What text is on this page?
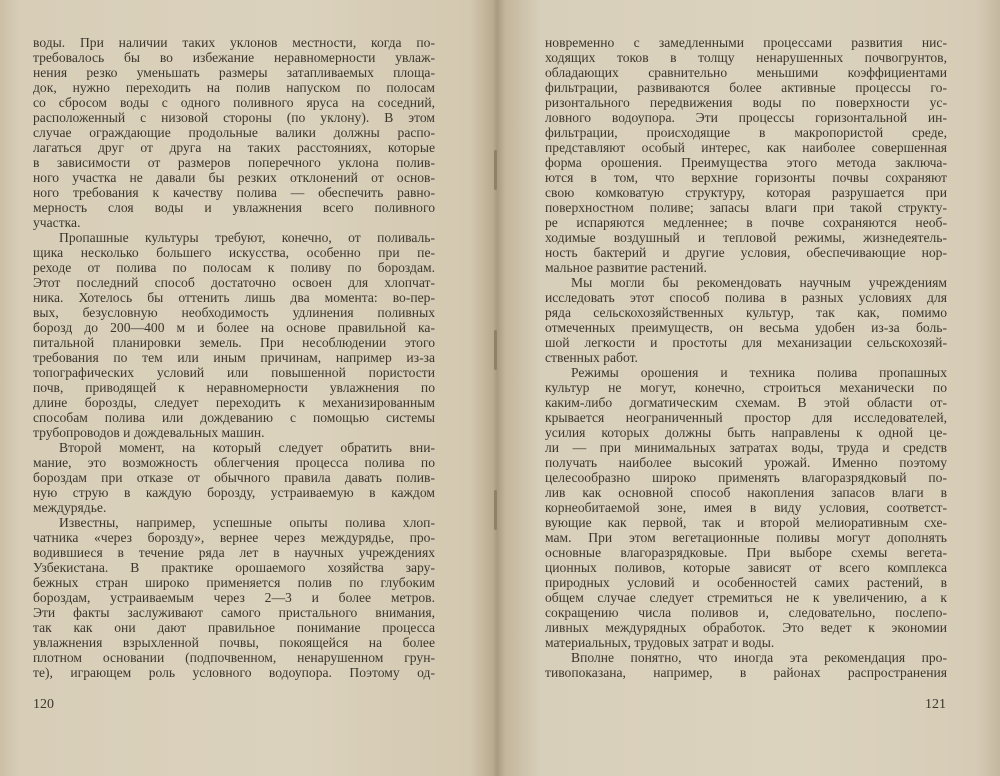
воды. При наличии таких уклонов местности, когда по-
требовалось бы во избежание неравномерности увлаж-
нения резко уменьшать размеры затапливаемых площа-
док, нужно переходить на полив напуском по полосам
со сбросом воды с одного поливного яруса на соседний,
расположенный с низовой стороны (по уклону). В этом
случае ограждающие продольные валики должны распо-
лагаться друг от друга на таких расстояниях, которые
в зависимости от размеров поперечного уклона полив-
ного участка не давали бы резких отклонений от основ-
ного требования к качеству полива — обеспечить равно-
мерность слоя воды и увлажнения всего поливного
участка.
Пропашные культуры требуют, конечно, от поливаль-
щика несколько большего искусства, особенно при пе-
реходе от полива по полосам к поливу по бороздам.
Этот последний способ достаточно освоен для хлопчат-
ника. Хотелось бы оттенить лишь два момента: во-пер-
вых, безусловную необходимость удлинения поливных
борозд до 200—400 м и более на основе правильной ка-
питальной планировки земель. При несоблюдении этого
требования по тем или иным причинам, например из-за
топографических условий или повышенной пористости
почв, приводящей к неравномерности увлажнения по
длине борозды, следует переходить к механизированным
способам полива или дождеванию с помощью системы
трубопроводов и дождевальных машин.
Второй момент, на который следует обратить вни-
мание, это возможность облегчения процесса полива по
бороздам при отказе от обычного правила давать полив-
ную струю в каждую борозду, устраиваемую в каждом
междурядье.
Известны, например, успешные опыты полива хлоп-
чатника «через борозду», вернее через междурядье, про-
водившиеся в течение ряда лет в научных учреждениях
Узбекистана. В практике орошаемого хозяйства зару-
бежных стран широко применяется полив по глубоким
бороздам, устраиваемым через 2—3 и более метров.
Эти факты заслуживают самого пристального внимания,
так как они дают правильное понимание процесса
увлажнения взрыхленной почвы, покоящейся на более
плотном основании (подпочвенном, ненарушенном грун-
те), играющем роль условного водоупора. Поэтому од-
новременно с замедленными процессами развития нис-
ходящих токов в толщу ненарушенных почвогрунтов,
обладающих сравнительно меньшими коэффициентами
фильтрации, развиваются более активные процессы го-
ризонтального передвижения воды по поверхности ус-
ловного водоупора. Эти процессы горизонтальной ин-
фильтрации, происходящие в макропористой среде,
представляют особый интерес, как наиболее совершенная
форма орошения. Преимущества этого метода заключа-
ются в том, что верхние горизонты почвы сохраняют
свою комковатую структуру, которая разрушается при
поверхностном поливе; запасы влаги при такой структу-
ре испаряются медленнее; в почве сохраняются необ-
ходимые воздушный и тепловой режимы, жизнедеятель-
ность бактерий и другие условия, обеспечивающие нор-
мальное развитие растений.
Мы могли бы рекомендовать научным учреждениям
исследовать этот способ полива в разных условиях для
ряда сельскохозяйственных культур, так как, помимо
отмеченных преимуществ, он весьма удобен из-за боль-
шой легкости и простоты для механизации сельскохозяй-
ственных работ.
Режимы орошения и техника полива пропашных
культур не могут, конечно, строиться механически по
каким-либо догматическим схемам. В этой области от-
крывается неограниченный простор для исследователей,
усилия которых должны быть направлены к одной це-
ли — при минимальных затратах воды, труда и средств
получать наиболее высокий урожай. Именно поэтому
целесообразно широко применять влагоразрядковый по-
лив как основной способ накопления запасов влаги в
корнеобитаемой зоне, имея в виду условия, соответст-
вующие как первой, так и второй мелиоративным схе-
мам. При этом вегетационные поливы могут дополнять
основные влагоразрядковые. При выборе схемы вегета-
ционных поливов, которые зависят от всего комплекса
природных условий и особенностей самих растений, в
общем случае следует стремиться не к увеличению, а к
сокращению числа поливов и, следовательно, послепо-
ливных междурядных обработок. Это ведет к экономии
материальных, трудовых затрат и воды.
Вполне понятно, что иногда эта рекомендация про-
тивопоказана, например, в районах распространения
120	121
